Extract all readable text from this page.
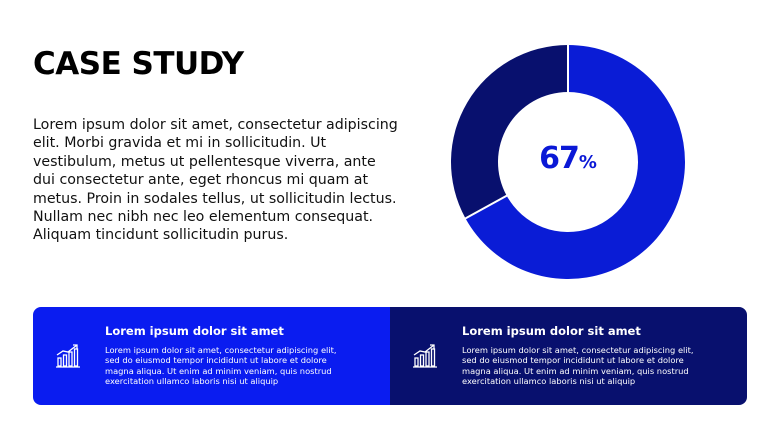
CASE STUDY

Lorem ipsum dolor sit amet, consectetur adipiscing elit. Morbi gravida et mi in sollicitudin. Ut vestibulum, metus ut pellentesque viverra, ante dui consectetur ante, eget rhoncus mi quam at metus. Proin in sodales tellus, ut sollicitudin lectus. Nullam nec nibh nec leo elementum consequat. Aliquam tincidunt sollicitudin purus.

67%

Lorem ipsum dolor sit amet

Lorem ipsum dolor sit amet, consectetur adipiscing elit, sed do eiusmod tempor incididunt ut labore et dolore magna aliqua. Ut enim ad minim veniam, quis nostrud exercitation ullamco laboris nisi ut aliquip

Lorem ipsum dolor sit amet

Lorem ipsum dolor sit amet, consectetur adipiscing elit, sed do eiusmod tempor incididunt ut labore et dolore magna aliqua. Ut enim ad minim veniam, quis nostrud exercitation ullamco laboris nisi ut aliquip
